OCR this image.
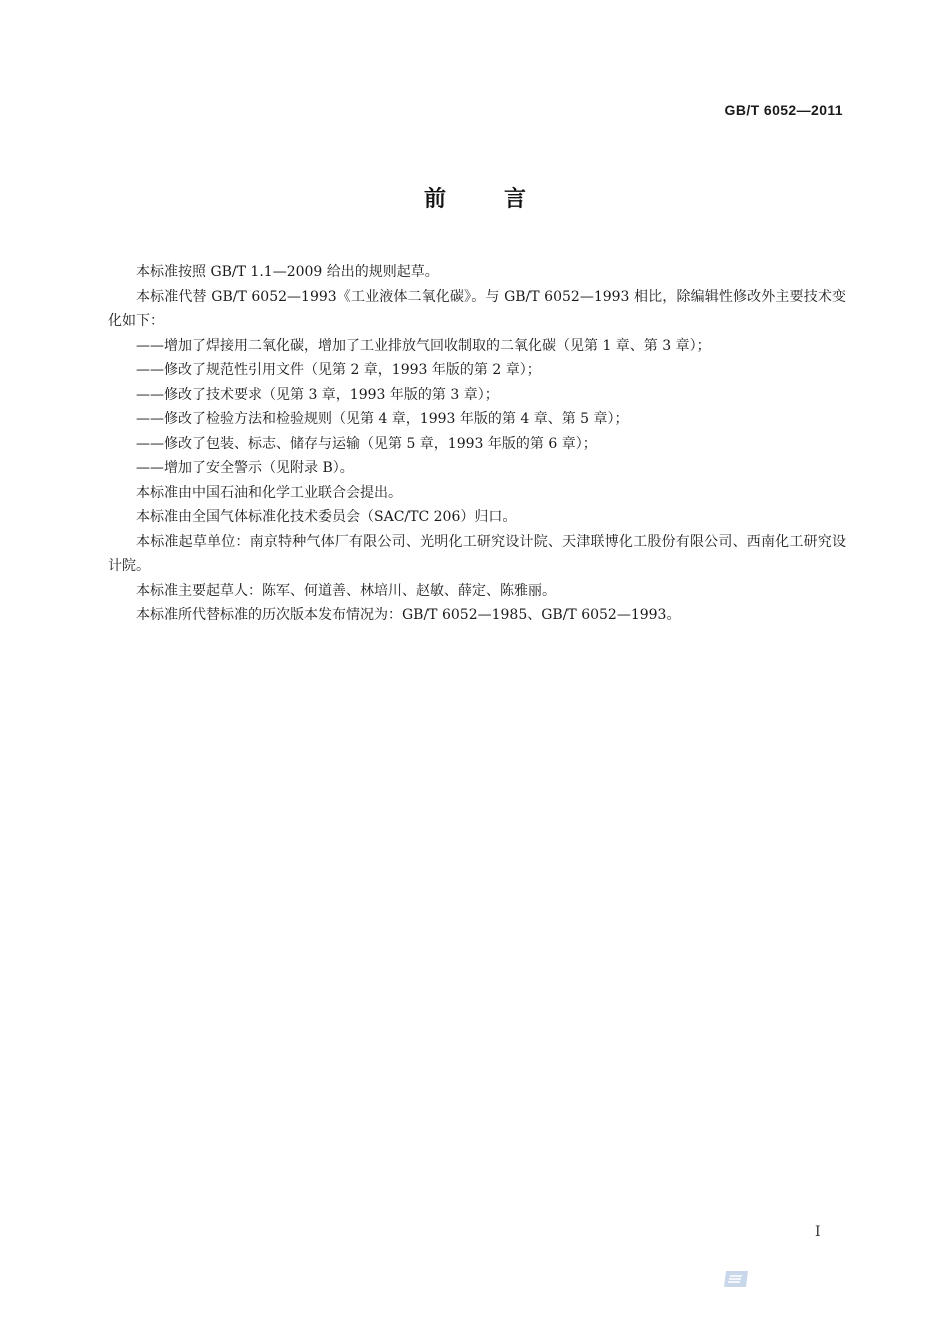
GB/T 6052—2011
前言

本标准按照 GB/T 1.1—2009 给出的规则起草。

本标准代替 GB/T 6052—1993《工业液体二氧化碳》。与 GB/T 6052—1993 相比，除编辑性修改外主要技术变化如下：

——增加了焊接用二氧化碳，增加了工业排放气回收制取的二氧化碳（见第 1 章、第 3 章）；

——修改了规范性引用文件（见第 2 章，1993 年版的第 2 章）；

——修改了技术要求（见第 3 章，1993 年版的第 3 章）；

——修改了检验方法和检验规则（见第 4 章，1993 年版的第 4 章、第 5 章）；

——修改了包装、标志、储存与运输（见第 5 章，1993 年版的第 6 章）；

——增加了安全警示（见附录 B）。

本标准由中国石油和化学工业联合会提出。

本标准由全国气体标准化技术委员会（SAC/TC 206）归口。

本标准起草单位：南京特种气体厂有限公司、光明化工研究设计院、天津联博化工股份有限公司、西南化工研究设计院。

本标准主要起草人：陈军、何道善、林培川、赵敏、薛定、陈雅丽。

本标准所代替标准的历次版本发布情况为：GB/T 6052—1985、GB/T 6052—1993。

I
